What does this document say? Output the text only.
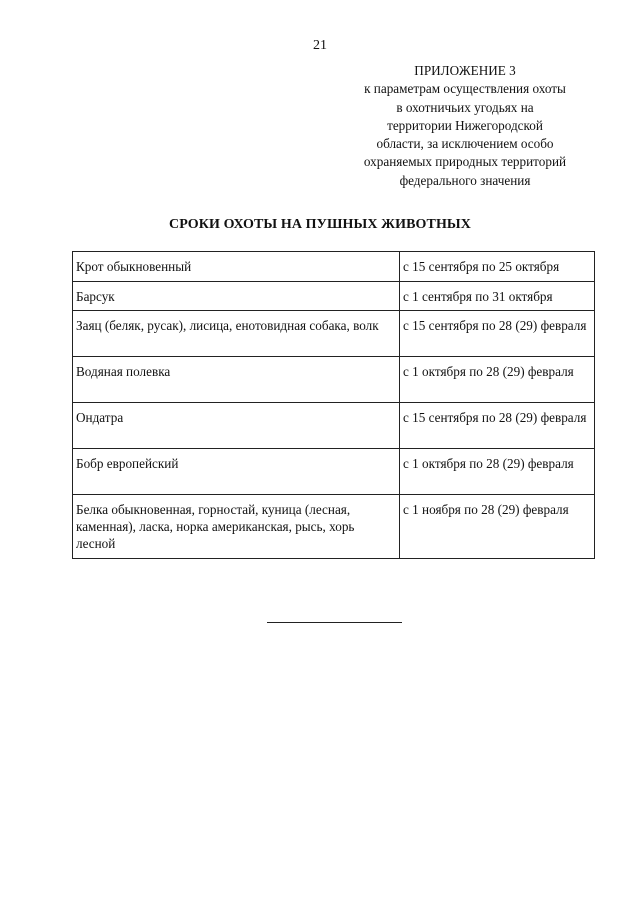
21
ПРИЛОЖЕНИЕ 3
к параметрам осуществления охоты
в охотничьих угодьях на
территории Нижегородской
области, за исключением особо
охраняемых природных территорий
федерального значения
СРОКИ ОХОТЫ НА ПУШНЫХ ЖИВОТНЫХ
Крот обыкновенный	с 15 сентября по 25 октября
Барсук	с 1 сентября по 31 октября
Заяц (беляк, русак), лисица, енотовидная собака, волк	с 15 сентября по 28 (29) февраля
Водяная полевка	с 1 октября по 28 (29) февраля
Ондатра	с 15 сентября по 28 (29) февраля
Бобр европейский	с 1 октября по 28 (29) февраля
Белка обыкновенная, горностай, куница (лесная, каменная), ласка, норка американская, рысь, хорь лесной	с 1 ноября по 28 (29) февраля
